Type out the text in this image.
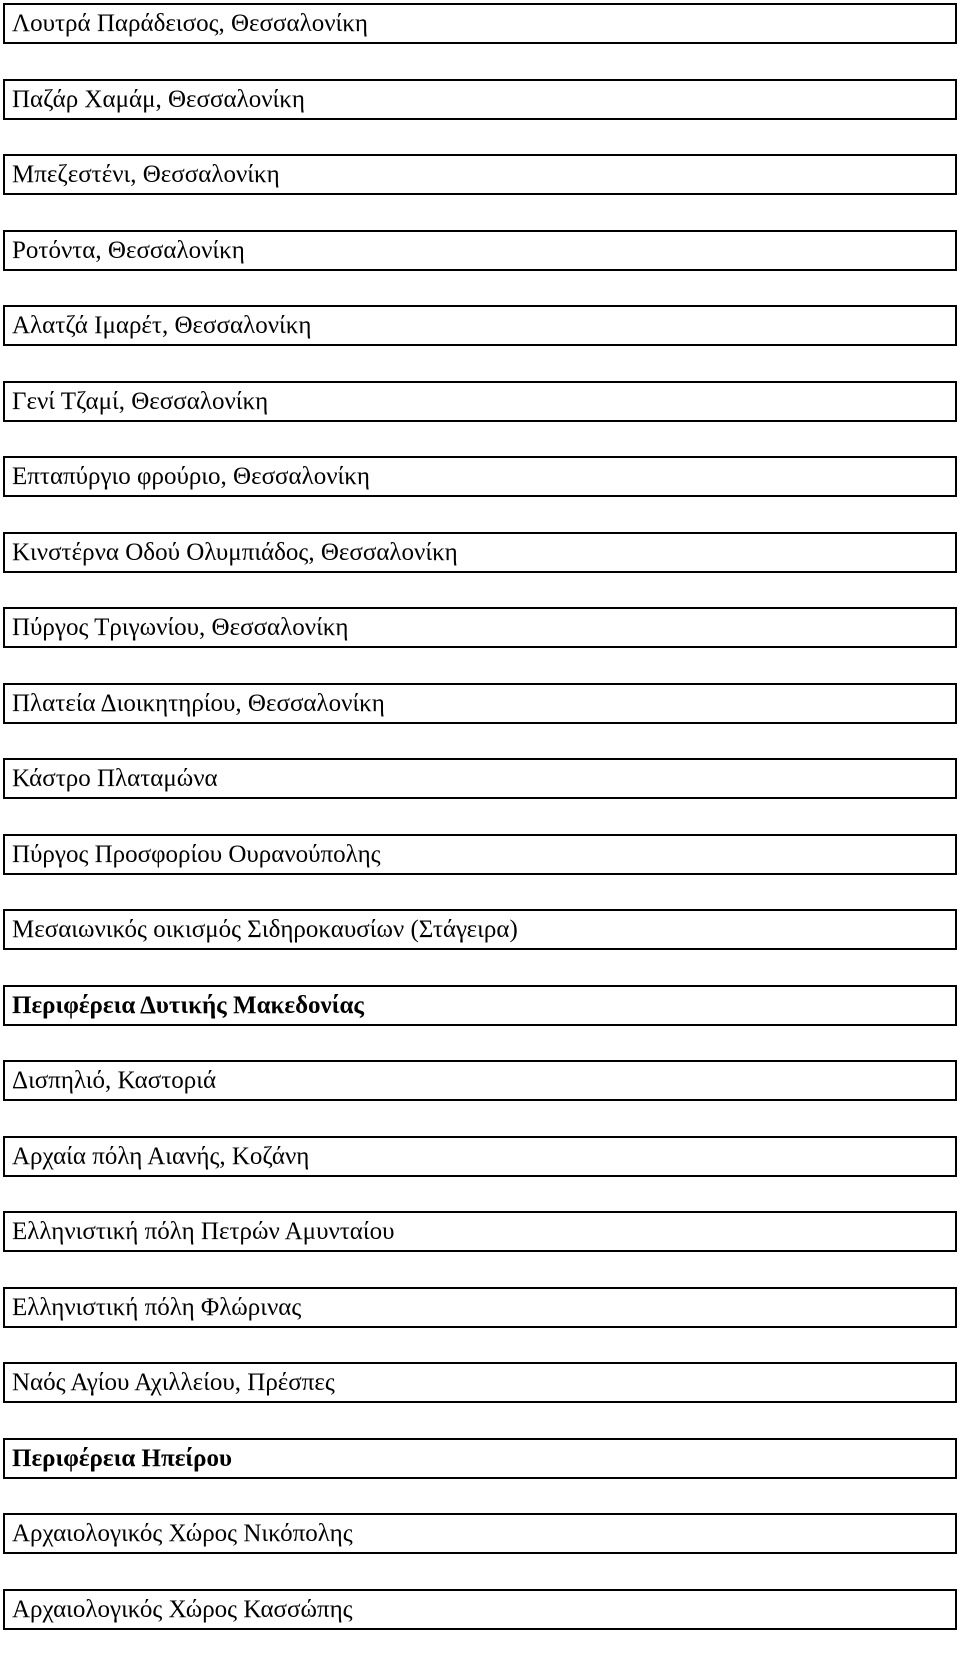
Λουτρά Παράδεισος, Θεσσαλονίκη
Παζάρ Χαμάμ, Θεσσαλονίκη
Μπεζεστένι, Θεσσαλονίκη
Ροτόντα, Θεσσαλονίκη
Αλατζά Ιμαρέτ, Θεσσαλονίκη
Γενί Τζαμί, Θεσσαλονίκη
Επταπύργιο φρούριο, Θεσσαλονίκη
Κινστέρνα Οδού Ολυμπιάδος, Θεσσαλονίκη
Πύργος Τριγωνίου, Θεσσαλονίκη
Πλατεία Διοικητηρίου, Θεσσαλονίκη
Κάστρο Πλαταμώνα
Πύργος Προσφορίου Ουρανούπολης
Μεσαιωνικός οικισμός Σιδηροκαυσίων (Στάγειρα)
Περιφέρεια Δυτικής Μακεδονίας
Δισπηλιό, Καστοριά
Αρχαία πόλη Αιανής, Κοζάνη
Ελληνιστική πόλη Πετρών Αμυνταίου
Ελληνιστική πόλη Φλώρινας
Ναός Αγίου Αχιλλείου, Πρέσπες
Περιφέρεια Ηπείρου
Αρχαιολογικός Χώρος Νικόπολης
Αρχαιολογικός Χώρος Κασσώπης
